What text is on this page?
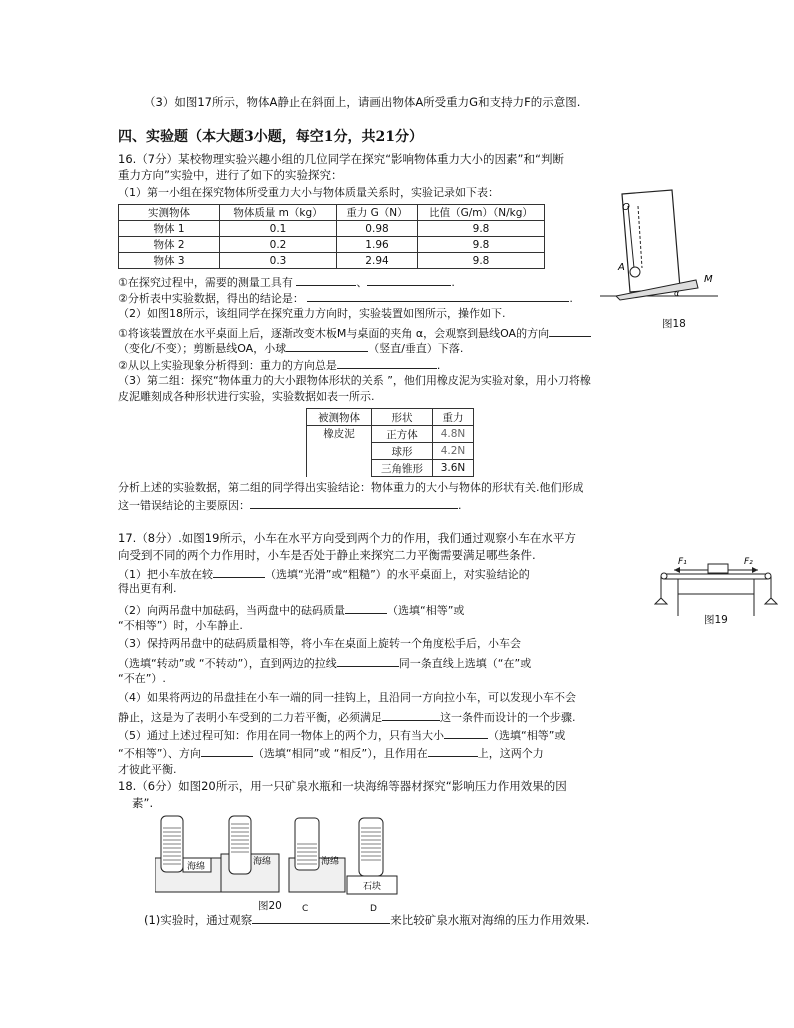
（3）如图17所示，物体A静止在斜面上，请画出物体A所受重力G和支持力F的示意图.
四、实验题（本大题3小题，每空1分，共21分）
16.（7分）某校物理实验兴趣小组的几位同学在探究“影响物体重力大小的因素”和“判断
重力方向”实验中，进行了如下的实验探究：
（1）第一小组在探究物体所受重力大小与物体质量关系时，实验记录如下表：
实测物体	物体质量 m（kg）	重力 G（N）	比值（G/m）（N/kg）
物体 1	0.1	0.98	9.8
物体 2	0.2	1.96	9.8
物体 3	0.3	2.94	9.8
O
A
M
α
图18
①在探究过程中，需要的测量工具有	、	.
②分析表中实验数据，得出的结论是：	.
（2）如图18所示，该组同学在探究重力方向时，实验装置如图所示，操作如下.
①将该装置放在水平桌面上后，逐渐改变木板M与桌面的夹角 α，会观察到悬线OA的方向
（变化/不变）；剪断悬线OA，小球	（竖直/垂直）下落.
②从以上实验现象分析得到：重力的方向总是	.
（3）第二组：探究“物体重力的大小跟物体形状的关系 ”，他们用橡皮泥为实验对象，用小刀将橡
皮泥雕刻成各种形状进行实验，实验数据如表一所示.
被测物体	形状	重力
橡皮泥	正方体	4.8N
	球形	4.2N
	三角锥形	3.6N
分析上述的实验数据，第二组的同学得出实验结论：物体重力的大小与物体的形状有关.他们形成
这一错误结论的主要原因：	.
17.（8分）.如图19所示，小车在水平方向受到两个力的作用，我们通过观察小车在水平方
向受到不同的两个力作用时，小车是否处于静止来探究二力平衡需要满足哪些条件.
（1）把小车放在较	（选填“光滑”或“粗糙”）的水平桌面上，对实验结论的
得出更有利.
（2）向两吊盘中加砝码，当两盘中的砝码质量	（选填“相等”或
“不相等”）时，小车静止.
F₁	F₂
图19
（3）保持两吊盘中的砝码质量相等，将小车在桌面上旋转一个角度松手后，小车会
（选填“转动”或 “不转动”），直到两边的拉线	同一条直线上选填（“在”或
“不在”）.
（4）如果将两边的吊盘挂在小车一端的同一挂钩上，且沿同一方向拉小车，可以发现小车不会
静止，这是为了表明小车受到的二力若平衡，必须满足	这一条件而设计的一个步骤.
（5）通过上述过程可知：作用在同一物体上的两个力，只有当大小	（选填“相等”或
“不相等”）、方向	（选填“相同”或 “相反”），且作用在	上，这两个力
才彼此平衡.
18.（6分）如图20所示，用一只矿泉水瓶和一块海绵等器材探究“影响压力作用效果的因
素”.
海绵	海绵	海绵
石块
图20 C	D
(1)实验时，通过观察	来比较矿泉水瓶对海绵的压力作用效果.
